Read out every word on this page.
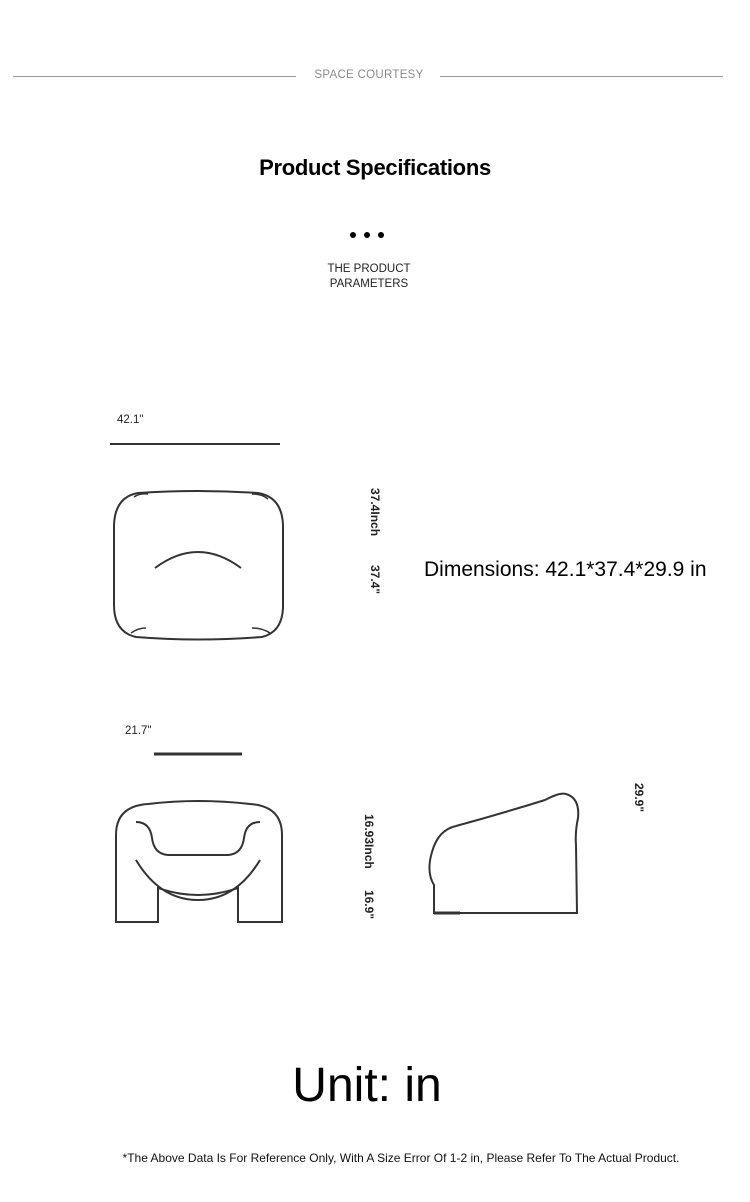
SPACE COURTESY
Product Specifications
THE PRODUCT
PARAMETERS
42.1"
37.4Inch
37.4" Dimensions: 42.1*37.4*29.9 in
21.7"
16.93Inch
16.9"
29.9"
Unit: in
*The Above Data Is For Reference Only, With A Size Error Of 1-2 in, Please Refer To The Actual Product.
